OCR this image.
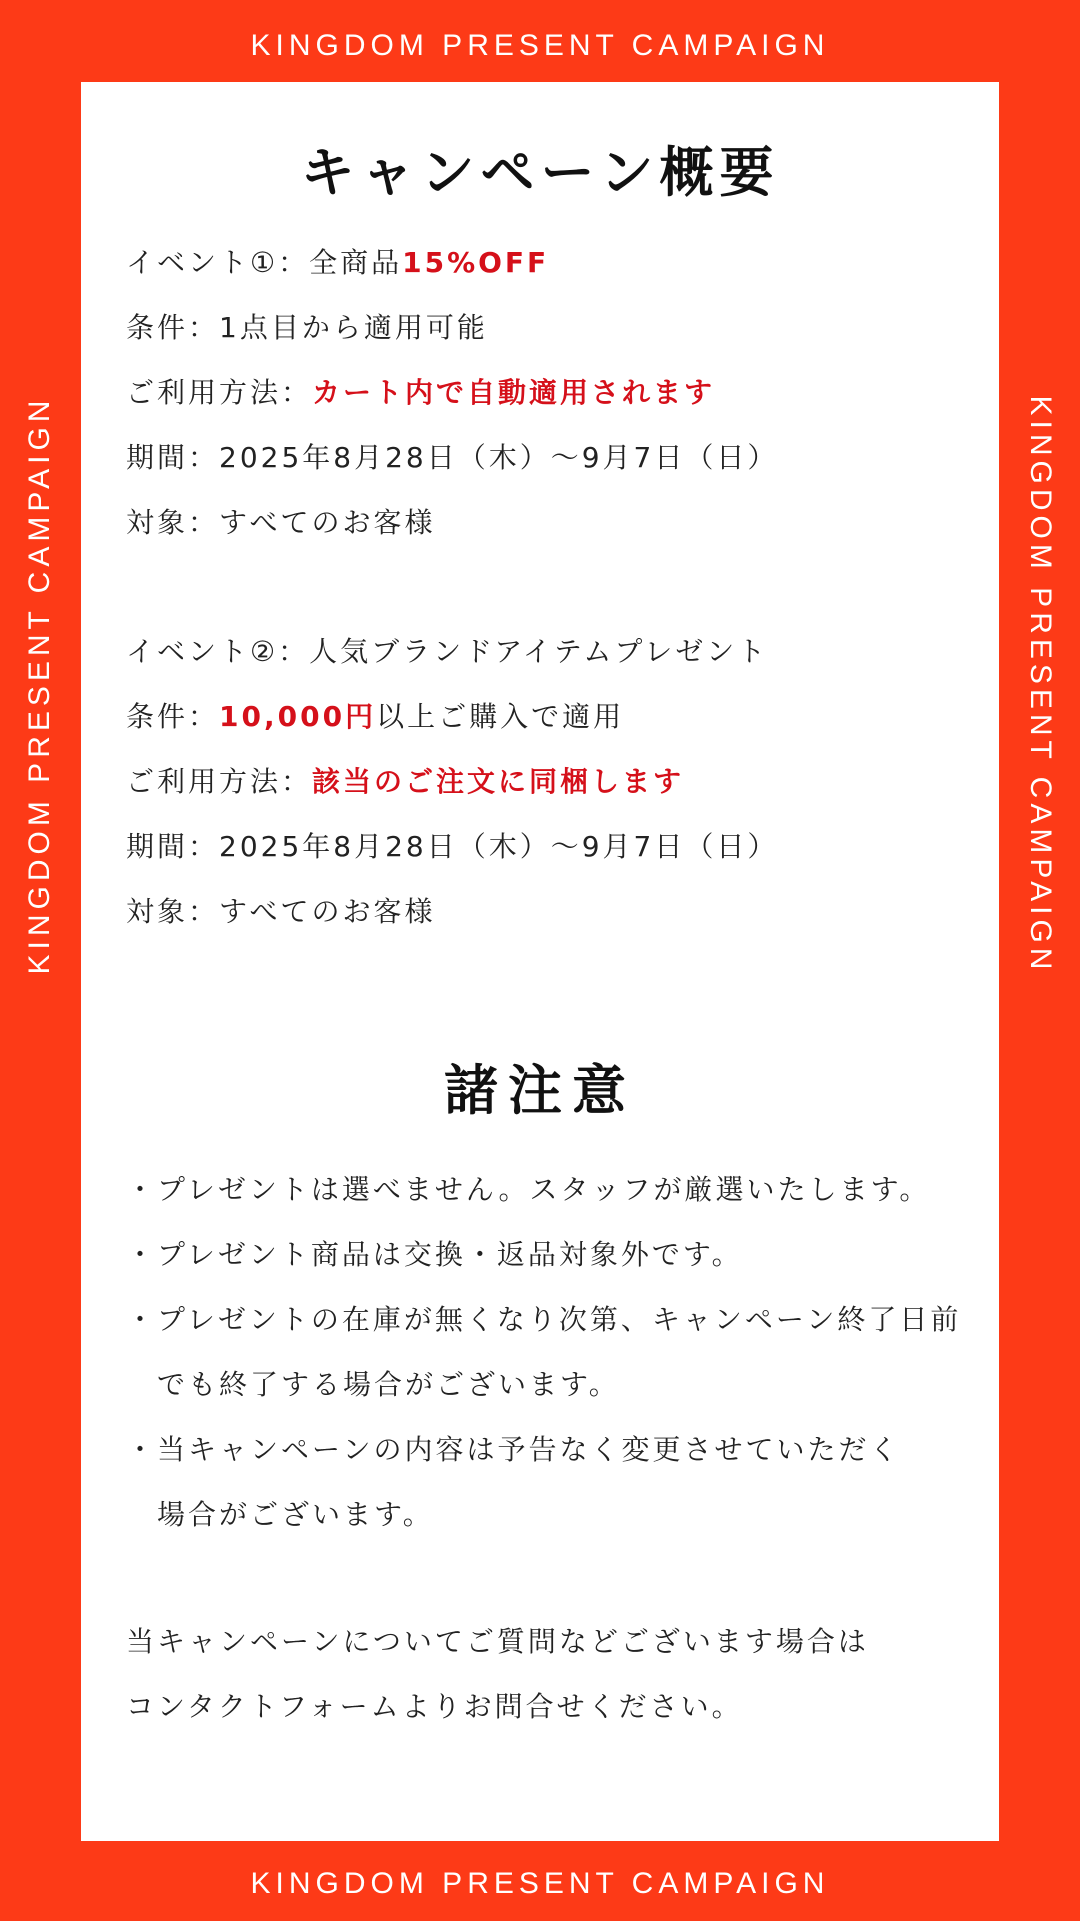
KINGDOM PRESENT CAMPAIGN
KINGDOM PRESENT CAMPAIGN	KINGDOM PRESENT CAMPAIGN
KINGDOM PRESENT CAMPAIGN
キャンペーン概要
イベント①：全商品15%OFF
条件：1点目から適用可能
ご利用方法：カート内で自動適用されます
期間：2025年8月28日（木）〜9月7日（日）
対象：すべてのお客様
イベント②：人気ブランドアイテムプレゼント
条件：10,000円以上ご購入で適用
ご利用方法：該当のご注文に同梱します
期間：2025年8月28日（木）〜9月7日（日）
対象：すべてのお客様
諸注意
・プレゼントは選べません。スタッフが厳選いたします。
・プレゼント商品は交換・返品対象外です。
・プレゼントの在庫が無くなり次第、キャンペーン終了日前
　でも終了する場合がございます。
・当キャンペーンの内容は予告なく変更させていただく
　場合がございます。
当キャンペーンについてご質問などございます場合は
コンタクトフォームよりお問合せください。
